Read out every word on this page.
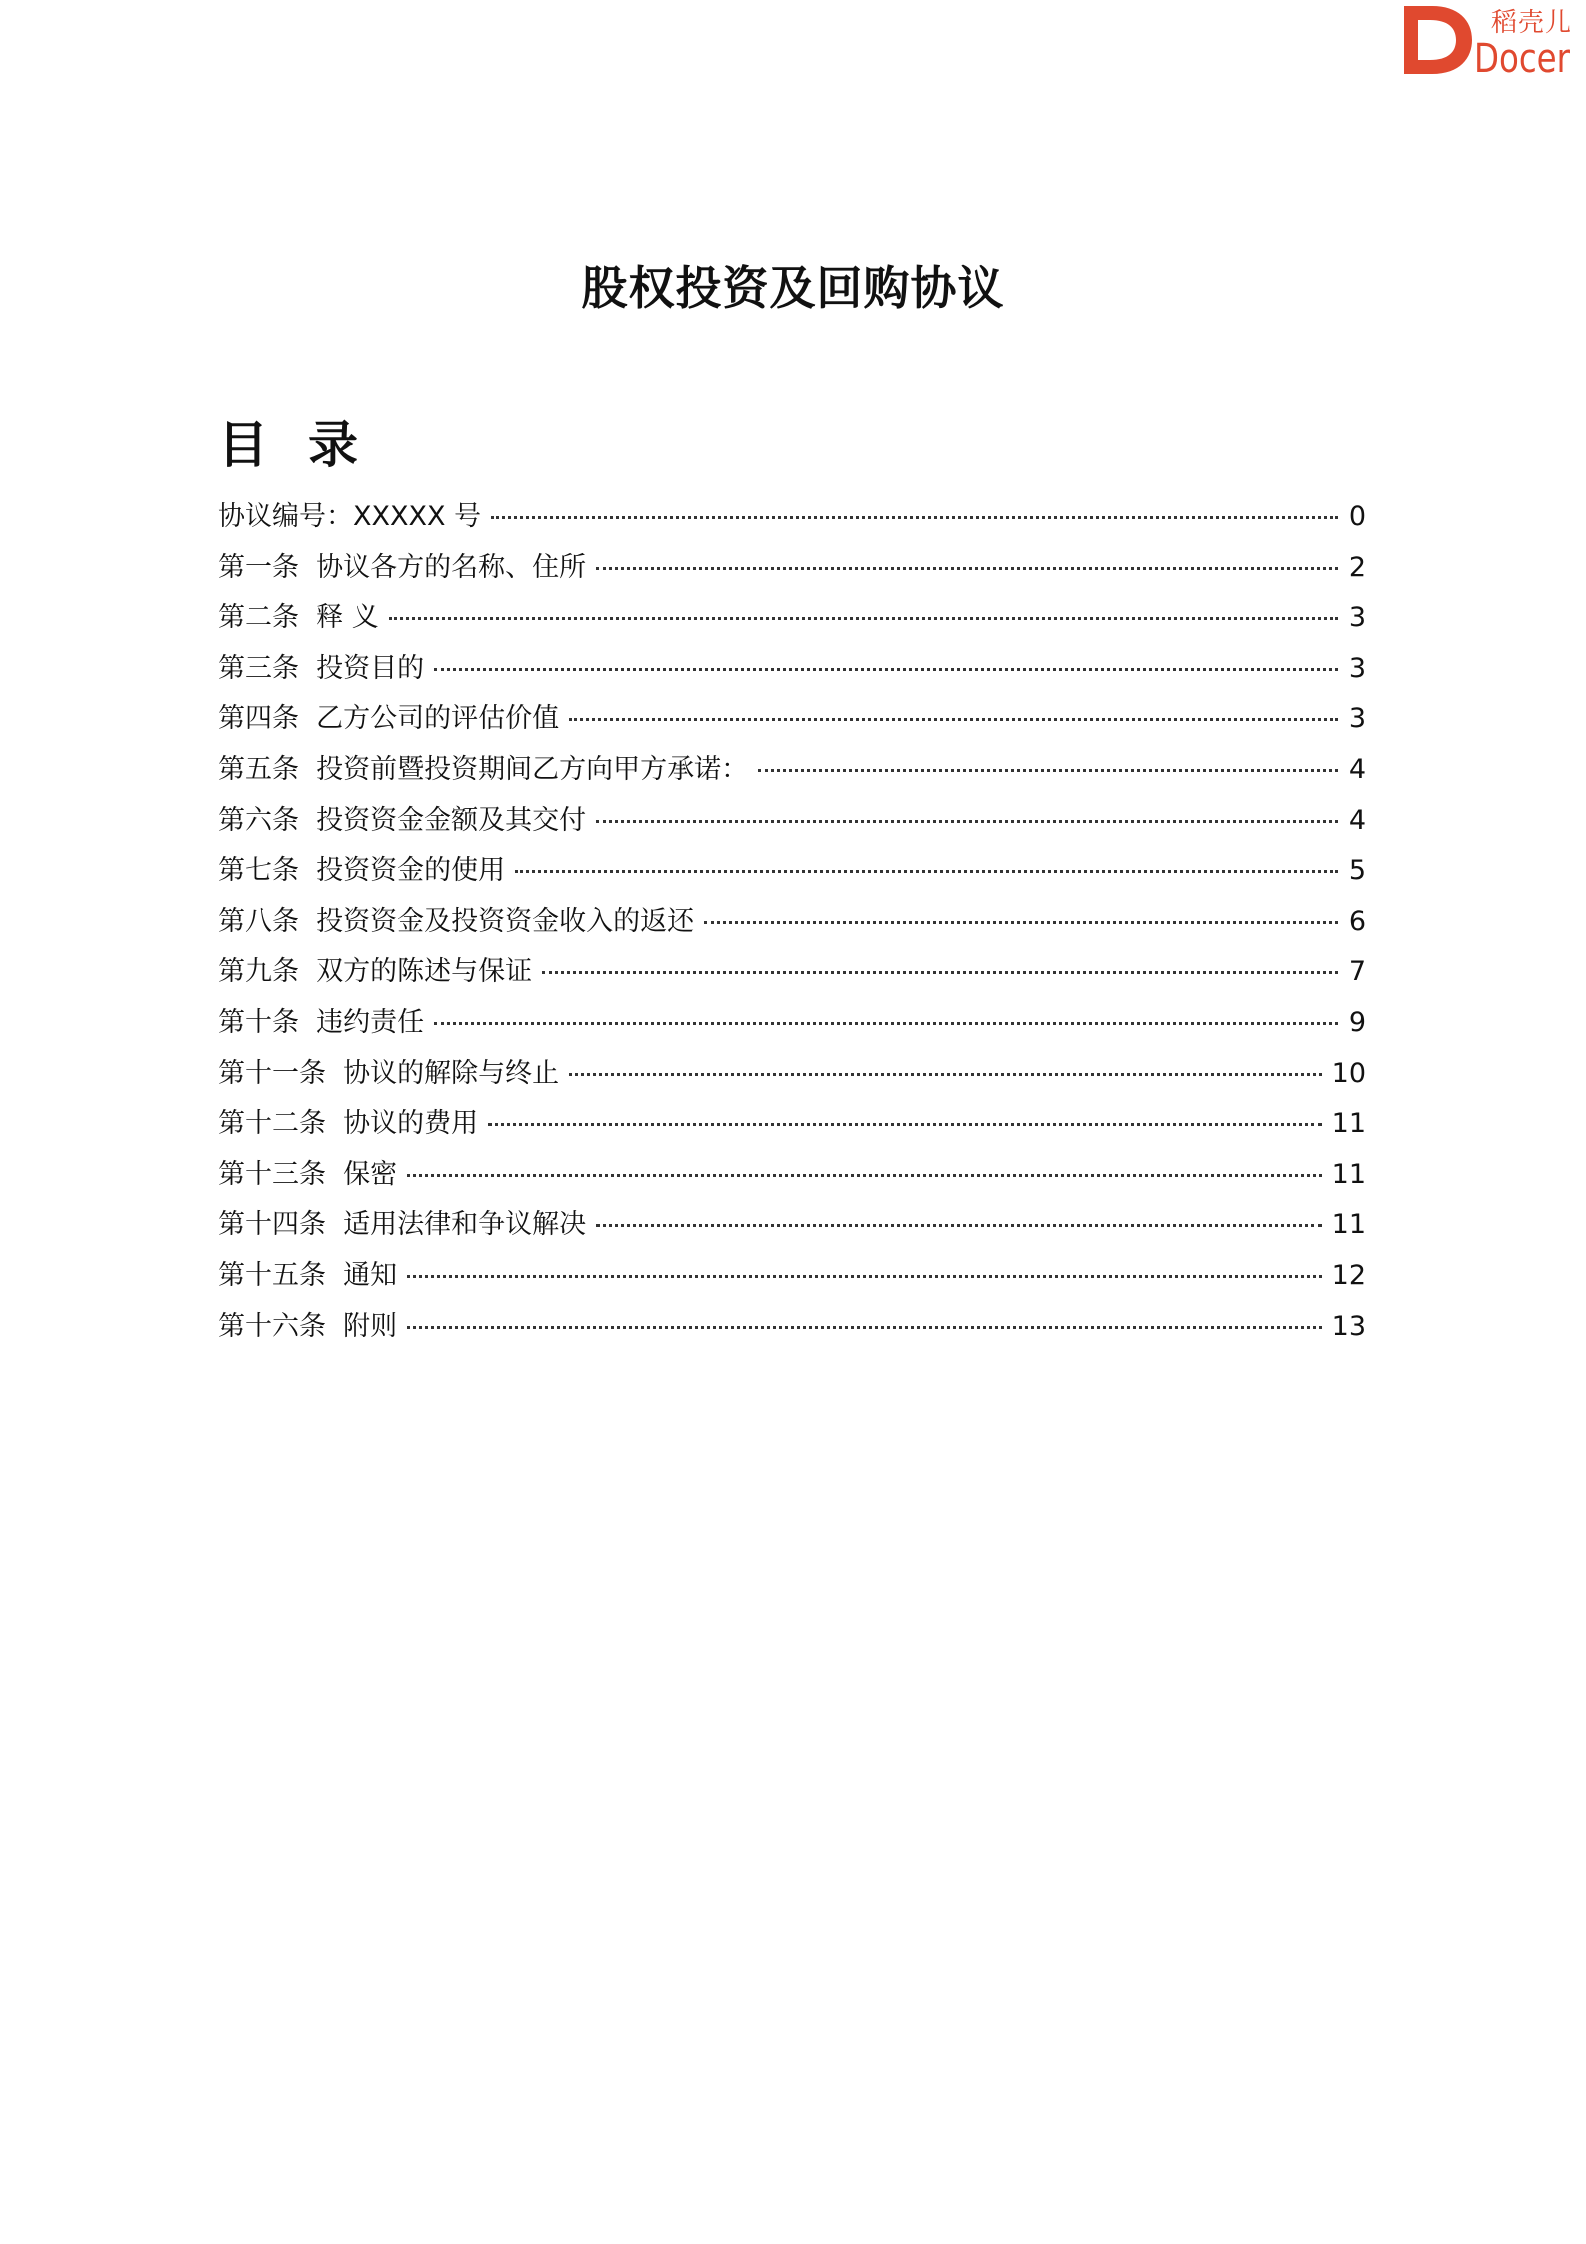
稻壳儿
Docer
股权投资及回购协议
目录
协议编号：XXXXX 号	0
第一条  协议各方的名称、住所	2
第二条  释 义	3
第三条  投资目的	3
第四条  乙方公司的评估价值	3
第五条  投资前暨投资期间乙方向甲方承诺：	4
第六条  投资资金金额及其交付	4
第七条  投资资金的使用	5
第八条  投资资金及投资资金收入的返还	6
第九条  双方的陈述与保证	7
第十条  违约责任	9
第十一条  协议的解除与终止	10
第十二条  协议的费用	11
第十三条  保密	11
第十四条  适用法律和争议解决	11
第十五条  通知	12
第十六条  附则	13
